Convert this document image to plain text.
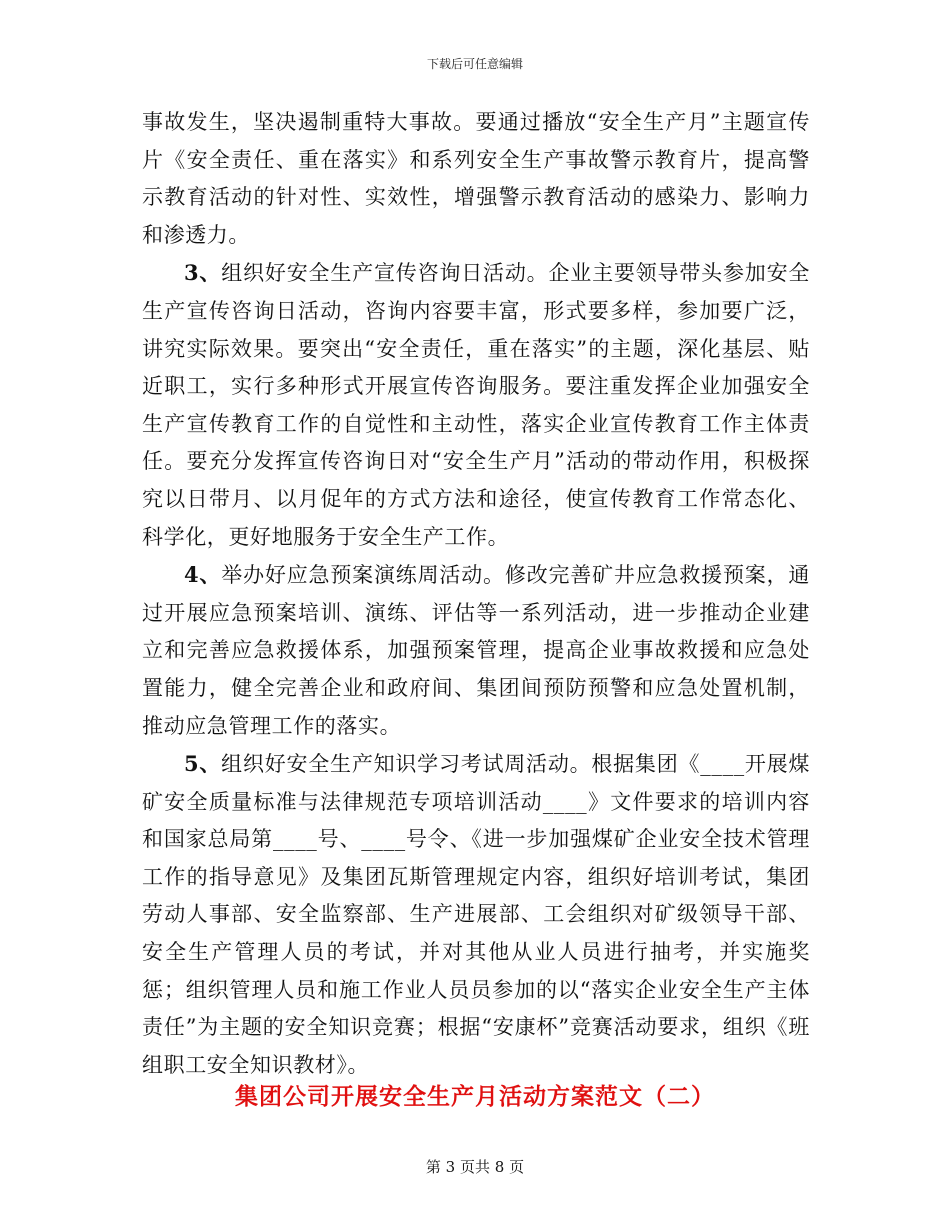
下载后可任意编辑

事故发生，坚决遏制重特大事故。要通过播放“安全生产月”主题宣传片《安全责任、重在落实》和系列安全生产事故警示教育片，提高警示教育活动的针对性、实效性，增强警示教育活动的感染力、影响力和渗透力。

3、组织好安全生产宣传咨询日活动。企业主要领导带头参加安全生产宣传咨询日活动，咨询内容要丰富，形式要多样，参加要广泛，讲究实际效果。要突出“安全责任，重在落实”的主题，深化基层、贴近职工，实行多种形式开展宣传咨询服务。要注重发挥企业加强安全生产宣传教育工作的自觉性和主动性，落实企业宣传教育工作主体责任。要充分发挥宣传咨询日对“安全生产月”活动的带动作用，积极探究以日带月、以月促年的方式方法和途径，使宣传教育工作常态化、科学化，更好地服务于安全生产工作。

4、举办好应急预案演练周活动。修改完善矿井应急救援预案，通过开展应急预案培训、演练、评估等一系列活动，进一步推动企业建立和完善应急救援体系，加强预案管理，提高企业事故救援和应急处置能力，健全完善企业和政府间、集团间预防预警和应急处置机制，推动应急管理工作的落实。

5、组织好安全生产知识学习考试周活动。根据集团《____开展煤矿安全质量标准与法律规范专项培训活动____》文件要求的培训内容和国家总局第____号、____号令、《进一步加强煤矿企业安全技术管理工作的指导意见》及集团瓦斯管理规定内容，组织好培训考试，集团劳动人事部、安全监察部、生产进展部、工会组织对矿级领导干部、安全生产管理人员的考试，并对其他从业人员进行抽考，并实施奖惩；组织管理人员和施工作业人员员参加的以“落实企业安全生产主体责任”为主题的安全知识竞赛；根据“安康杯”竞赛活动要求，组织《班组职工安全知识教材》。

集团公司开展安全生产月活动方案范文（二）
第 3 页共 8 页
